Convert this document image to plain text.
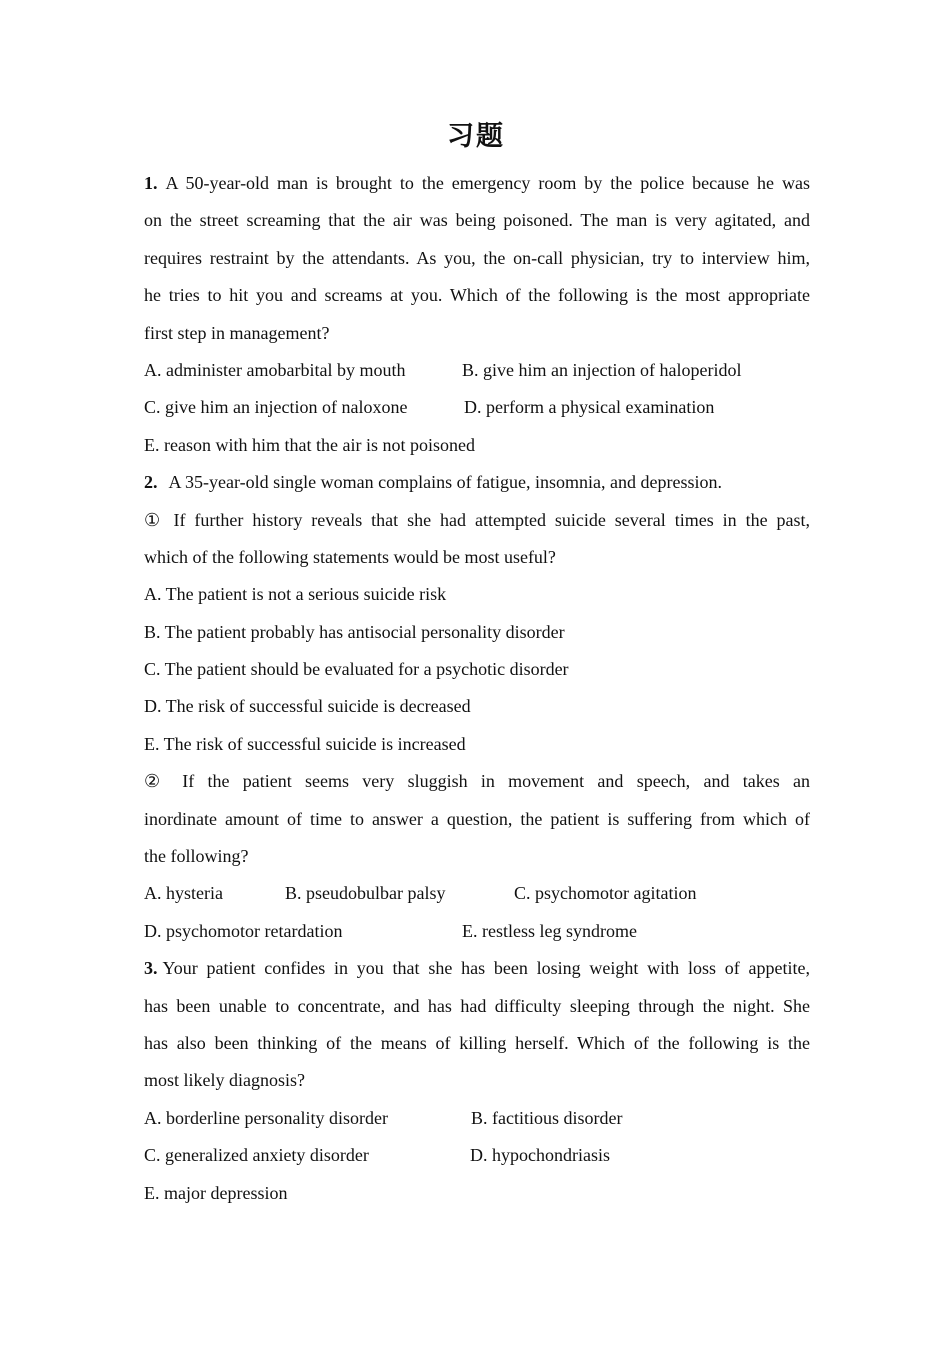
习题
1. A 50-year-old man is brought to the emergency room by the police because he was
on the street screaming that the air was being poisoned. The man is very agitated, and
requires restraint by the attendants. As you, the on-call physician, try to interview him,
he tries to hit you and screams at you. Which of the following is the most appropriate
first step in management?
A. administer amobarbital by mouth	B. give him an injection of haloperidol
C. give him an injection of naloxone	D. perform a physical examination
E. reason with him that the air is not poisoned
2. A 35-year-old single woman complains of fatigue, insomnia, and depression.
① If further history reveals that she had attempted suicide several times in the past,
which of the following statements would be most useful?
A. The patient is not a serious suicide risk
B. The patient probably has antisocial personality disorder
C. The patient should be evaluated for a psychotic disorder
D. The risk of successful suicide is decreased
E. The risk of successful suicide is increased
② If the patient seems very sluggish in movement and speech, and takes an
inordinate amount of time to answer a question, the patient is suffering from which of
the following?
A. hysteria	B. pseudobulbar palsy	C. psychomotor agitation
D. psychomotor retardation	E. restless leg syndrome
3. Your patient confides in you that she has been losing weight with loss of appetite,
has been unable to concentrate, and has had difficulty sleeping through the night. She
has also been thinking of the means of killing herself. Which of the following is the
most likely diagnosis?
A. borderline personality disorder	B. factitious disorder
C. generalized anxiety disorder	D. hypochondriasis
E. major depression
